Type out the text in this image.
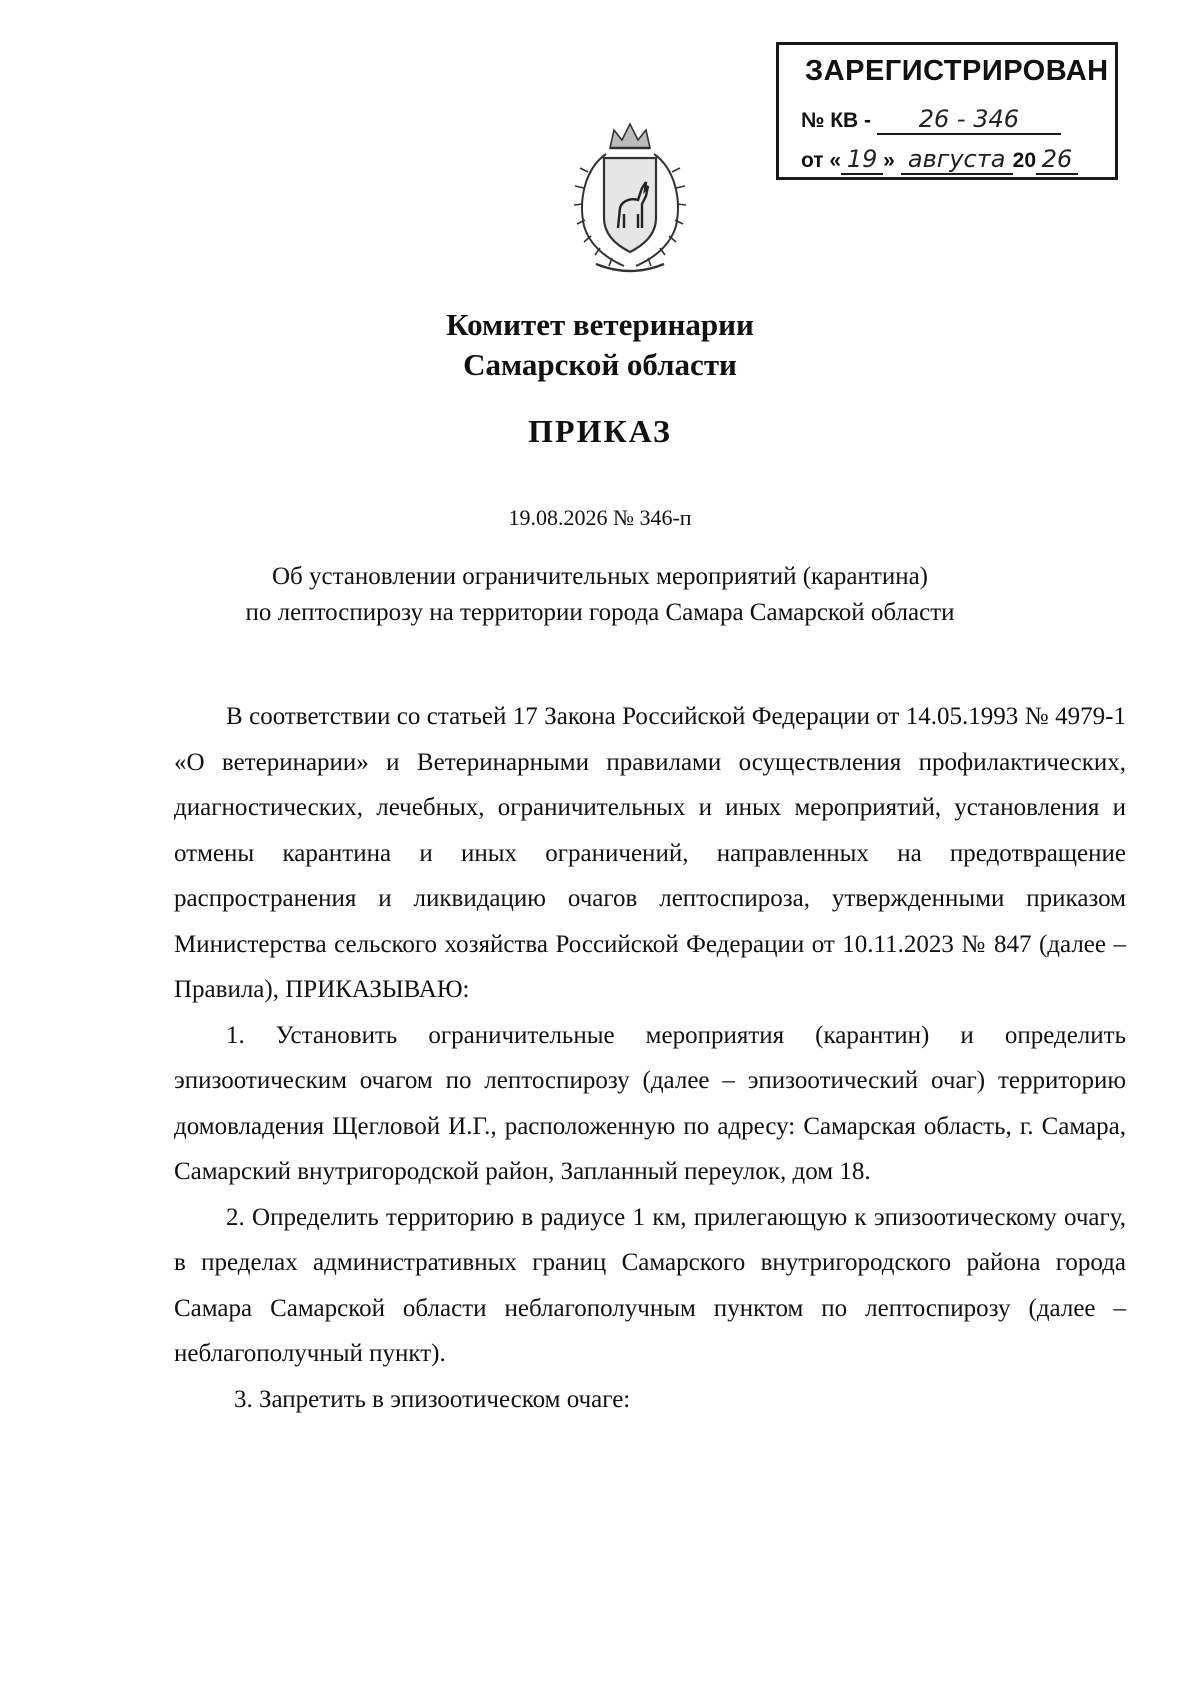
ЗАРЕГИСТРИРОВАН
№ КВ - 26 - 346
от « 19 » августа 20 26
Комитет ветеринарии
Самарской области
ПРИКАЗ
19.08.2026 № 346-п
Об установлении ограничительных мероприятий (карантина)
по лептоспирозу на территории города Самара Самарской области

В соответствии со статьей 17 Закона Российской Федерации от 14.05.1993 № 4979-1 «О ветеринарии» и Ветеринарными правилами осуществления профилактических, диагностических, лечебных, ограничительных и иных мероприятий, установления и отмены карантина и иных ограничений, направленных на предотвращение распространения и ликвидацию очагов лептоспироза, утвержденными приказом Министерства сельского хозяйства Российской Федерации от 10.11.2023 № 847 (далее – Правила), ПРИКАЗЫВАЮ:

1. Установить ограничительные мероприятия (карантин) и определить эпизоотическим очагом по лептоспирозу (далее – эпизоотический очаг) территорию домовладения Щегловой И.Г., расположенную по адресу: Самарская область, г. Самара, Самарский внутригородской район, Запланный переулок, дом 18.

2. Определить территорию в радиусе 1 км, прилегающую к эпизоотическому очагу, в пределах административных границ Самарского внутригородского района города Самара Самарской области неблагополучным пунктом по лептоспирозу (далее – неблагополучный пункт).

3. Запретить в эпизоотическом очаге:
